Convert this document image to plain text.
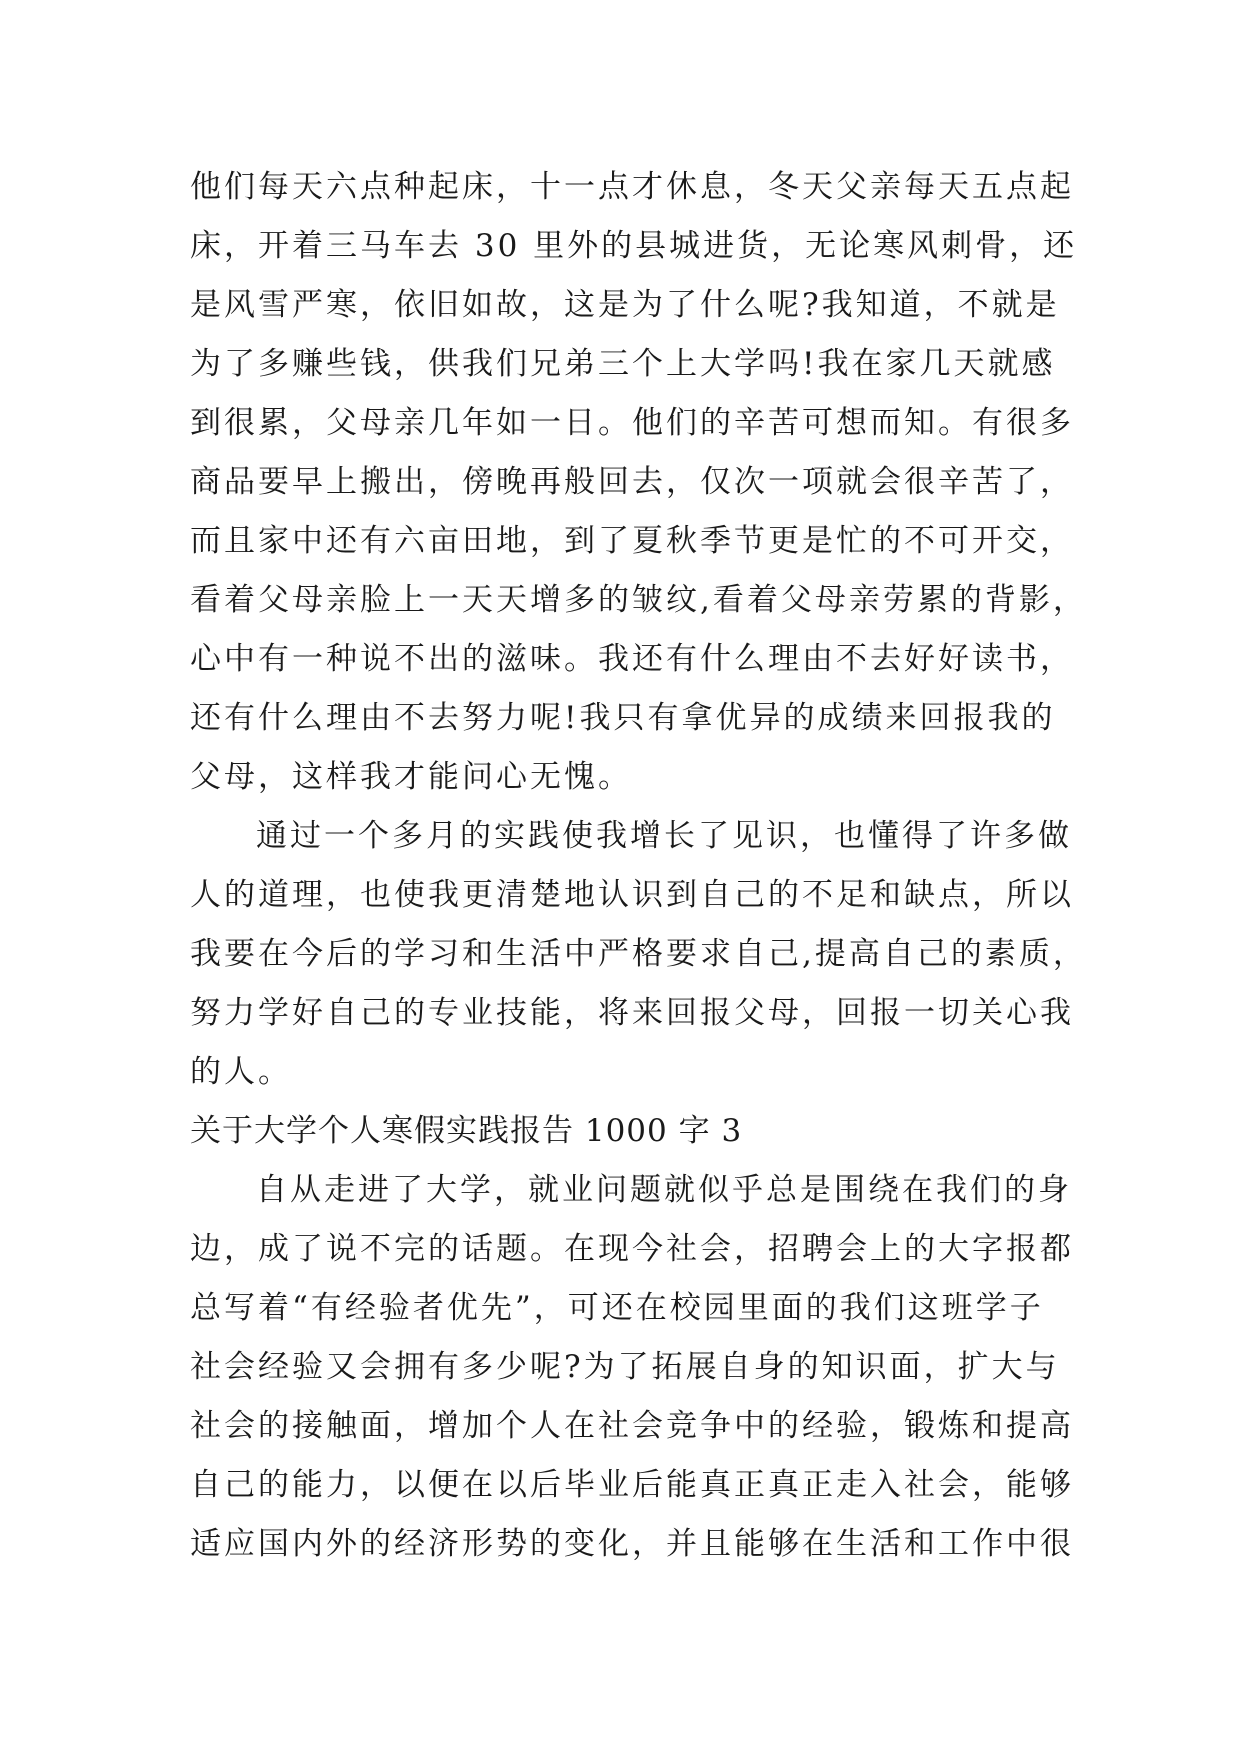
他们每天六点种起床，十一点才休息，冬天父亲每天五点起
床，开着三马车去 30 里外的县城进货，无论寒风刺骨，还
是风雪严寒，依旧如故，这是为了什么呢?我知道，不就是
为了多赚些钱，供我们兄弟三个上大学吗!我在家几天就感
到很累，父母亲几年如一日。他们的辛苦可想而知。有很多
商品要早上搬出，傍晚再般回去，仅次一项就会很辛苦了，
而且家中还有六亩田地，到了夏秋季节更是忙的不可开交，
看着父母亲脸上一天天增多的皱纹,看着父母亲劳累的背影，
心中有一种说不出的滋味。我还有什么理由不去好好读书，
还有什么理由不去努力呢!我只有拿优异的成绩来回报我的
父母，这样我才能问心无愧。
通过一个多月的实践使我增长了见识，也懂得了许多做
人的道理，也使我更清楚地认识到自己的不足和缺点，所以
我要在今后的学习和生活中严格要求自己,提高自己的素质，
努力学好自己的专业技能，将来回报父母，回报一切关心我
的人。
关于大学个人寒假实践报告 1000 字 3
自从走进了大学，就业问题就似乎总是围绕在我们的身
边，成了说不完的话题。在现今社会，招聘会上的大字报都
总写着“有经验者优先”，可还在校园里面的我们这班学子
社会经验又会拥有多少呢?为了拓展自身的知识面，扩大与
社会的接触面，增加个人在社会竞争中的经验，锻炼和提高
自己的能力，以便在以后毕业后能真正真正走入社会，能够
适应国内外的经济形势的变化，并且能够在生活和工作中很
